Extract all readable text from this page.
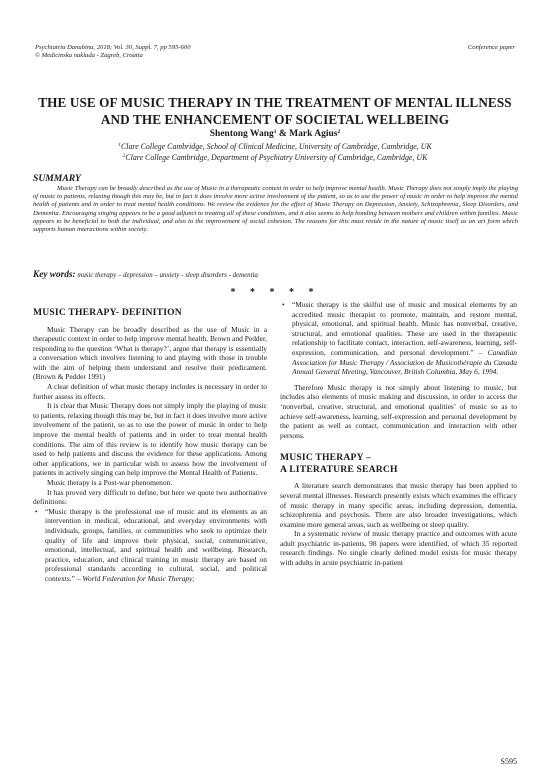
Psychiatria Danubina, 2018; Vol. 30, Suppl. 7, pp 595-600
© Medicinska naklada - Zagreb, Croatia
Conference paper
THE USE OF MUSIC THERAPY IN THE TREATMENT OF MENTAL ILLNESS AND THE ENHANCEMENT OF SOCIETAL WELLBEING
Shentong Wang$^1$ & Mark Agius$^2$
$^1$Clare College Cambridge, School of Clinical Medicine, University of Cambridge, Cambridge, UK
$^2$Clare College Cambridge, Department of Psychiatry University of Cambridge, Cambridge, UK
SUMMARY
Music Therapy can be broadly described as the use of Music in a therapeutic context in order to help improve mental health. Music Therapy does not simply imply the playing of music to patients, relaxing though this may be, but in fact it does involve more active involvement of the patient, so as to use the power of music in order to help improve the mental health of patients and in order to treat mental health conditions. We review the evidence for the effect of Music Therapy on Depression, Anxiety, Schizophrenia, Sleep Disorders, and Dementia. Encouraging singing appears to be a good adjunct to treating all of these conditions, and it also seems to help bonding between mothers and children within families. Music appears to be beneficial to both the individual, and also to the improvement of social cohesion. The reasons for this must reside in the nature of music itself as an art form which supports human interactions within society.
Key words: music therapy – depression – anxiety - sleep disorders - dementia
* * * * *
MUSIC THERAPY- DEFINITION

Music Therapy can be broadly described as the use of Music in a therapeutic context in order to help improve mental health. Brown and Pedder, responding to the question ‘What is therapy?’, argue that therapy is essentially a conversation which involves listening to and playing with those in trouble with the aim of helping them understand and resolve their predicament. (Brown & Pedder 1991)

A clear definition of what music therapy includes is necessary in order to further assess its effects.

It is clear that Music Therapy does not simply imply the playing of music to patients, relaxing though this may be, but in fact it does involve more active involvement of the patient, so as to use the power of music in order to help improve the mental health of patients and in order to treat mental health conditions. The aim of this review is to identify how music therapy can be used to help patients and discuss the evidence for these applications. Among other applications, we in particular wish to assess how the involvement of patients in actively singing can help improve the Mental Health of Patients.

Music therapy is a Post-war phenomenon.

It has proved very difficult to define, but here we quote two authoritative definitions:

• “Music therapy is the professional use of music and its elements as an intervention in medical, educational, and everyday environments with individuals, groups, families, or communities who seek to optimize their quality of life and improve their physical, social, communicative, emotional, intellectual, and spiritual health and wellbeing. Research, practice, education, and clinical training in music therapy are based on professional standards according to cultural, social, and political contexts.” – World Federation for Music Therapy;

• “Music therapy is the skilful use of music and musical elements by an accredited music therapist to promote, maintain, and restore mental, physical, emotional, and spiritual health. Music has nonverbal, creative, structural, and emotional qualities. These are used in the therapeutic relationship to facilitate contact, interaction, self-awareness, learning, self-expression, communication, and personal development.” – Canadian Association for Music Therapy / Association de Musicothérapie du Canada Annual General Meeting, Vancouver, British Columbia, May 6, 1994.

Therefore Music therapy is not simply about listening to music, but includes also elements of music making and discussion, in order to access the ‘nonverbal, creative, structural, and emotional qualities’ of music so as to achieve self-awareness, learning, self-expression and personal development by the patient as well as contact, communication and interaction with other persons.

MUSIC THERAPY –
A LITERATURE SEARCH

A literature search demonstrates that music therapy has been applied to several mental illnesses. Research presently exists which examines the efficacy of music therapy in many specific areas, including depression, dementia, schizophrenia and psychosis. There are also broader investigations, which examine more general areas, such as wellbeing or sleep quality.

In a systematic review of music therapy practice and outcomes with acute adult psychiatric in-patients, 98 papers were identified, of which 35 reported research findings. No single clearly defined model exists for music therapy with adults in acute psychiatric in-patient

S595
